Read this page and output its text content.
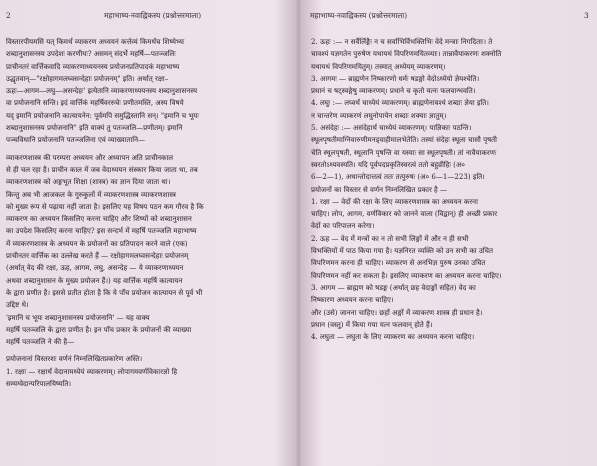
2	महाभाष्य-नवाह्निकस्य (प्रश्नोत्तरमाला)
विस्तारपीयमसि यत् किमर्थं व्याकरण अध्ययनं कर्त्तव्यं किमर्थंच शिष्येभ्यः
शब्दानुशासनस्य उपदेशः करणीयः? असमन् संदर्भे महर्षि—पतञ्जलिः
प्राचीनतरं वार्त्तिकवादि व्याकरणाध्ययनस्य प्रयोजनप्रतिपादकं महाभाष्य
उद्धृतवान्—"रक्षोहागमलघ्वसन्देहाः प्रयोजनम्" इति। अर्थात् रक्षा–
ऊहः—आगम—लघु—असन्देहः' इत्येतानि व्याकरणाध्ययनस्य शब्दानुशासनस्य
वा प्रयोजनानि सन्ति। इदं वार्त्तिकं महर्षिवररुचेः प्रणीतमस्ति, अस्य विषये
यद् इमानि प्रयोजनानि कात्यायनेन: पूर्वमपि समुद्धिस्तानि सन्। "इमानि च भूयः
शब्दानुशासनस्य प्रयोजनानि" इति वाक्यं तु पतञ्जलि—प्रणीतम्। इमानि
पञ्चविधानि प्रयोजनानि पतञ्जलिना एवं व्याख्यातानि—
व्याकरणशास्त्र की परम्परा अध्ययन और अध्यापन अति प्राचीनकाल
से ही चल रहा है। प्राचीन काल में जब वेदाध्ययन संस्कार किया जाता था, तब
व्याकरणशास्त्र को अङ्गभूत शिक्षा (शास्त्र) का ज्ञान दिया जाता था।
किन्तु अब भी आजकल के गुरुकुलों में व्याकरणशास्त्र व्याकरणशास्त्र
को मुख्य रूप से पढ़ाया नहीं जाता है। इसलिए यह विषय पठन कम गौरव है कि
व्याकरण का अध्ययन किसलिए करना चाहिए और शिष्यों को शब्दानुशासन
का उपदेश किसलिए करना चाहिए? इस सन्दर्भ में महर्षि पतञ्जलि महाभाष्य
में व्याकरणशास्त्र के अध्ययन के प्रयोजनों का प्रतिपादन करने वाले (एक)
प्राचीनतर वार्त्तिक का उल्लेख करते हैं — रक्षोहागमलघ्वसन्देहाः प्रयोजनम्
(अर्थात् वेद की रक्षा, ऊह, आगम, लघु, असन्देह — ये व्याकरणाध्ययन
अथवा शब्दानुशासन के मुख्य प्रयोजन हैं।) यह वार्त्तिक महर्षि कात्यायन
के द्वारा प्रणीत है। इससे प्रतीत होता है कि ये पाँच प्रयोजन कात्यायन से पूर्व भी
उद्दिष्ट थे।
'इमानि च भूयः शब्दानुशासनस्य प्रयोजनानि' — यह वाक्य
महर्षि पतञ्जलि के द्वारा प्रणीत है। इन पाँच प्रकार के प्रयोजनों की व्याख्या
महर्षि पतञ्जलि ने की है—
प्रयोजनानां विस्तरशः वर्णनं निम्नलिखितप्रकारेण अस्ति।
1. रक्षाः — रक्षार्थं वेदानामध्येयं व्याकरणम्। लोपागमवर्णविकारज्ञो हि
सम्यग्वेदान्परिपालयिष्यति।
महाभाष्य-नवाह्निकस्य (प्रश्नोत्तरमाला)	3
2. ऊहः :— न सर्वैर्लिङ्गैः न च सर्वाभिर्विभक्तिभिः वेदे मन्त्राः निगदिताः। ते
चावश्यं यज्ञगतेन पुरुषेण यथायथं विपरिणमयितव्याः। तान्नावैयाकरणः शक्नोति
यथायथं विपरिणमयितुम्। तस्मात् अध्येयम् व्याकरणम्।
3. आगमः — ब्राह्मणेन निष्कारणो धर्मः षडङ्गो वेदोऽध्येयो ज्ञेयश्चेति।
प्रधानं च षट्स्वङ्गेषु व्याकरणम्। प्रधाने च कृतो यत्नः फलवान्भवति।
4. लघुः :— लघ्वर्थं चाध्येयं व्याकरणम्। ब्राह्मणेनावश्यं शब्दाः ज्ञेया इति।
न चान्तरेण व्याकरणं लघुनोपायेन शब्दाः शक्याः ज्ञातुम्।
5. असंदेहः :— असंदेहार्थं चाध्येयं व्याकरणम्। याज्ञिकाः पठन्ति।
स्थूलपृषतीमाग्निवारुणीमनड्वाहीमालभेतेति। तस्यां संदेहः स्थूला चासौ पृषती
चेति स्थूलपृषती, स्थूलानि पृषन्ति वा यस्याः सा स्थूलपृषती। तां नावैयाकरणः
स्वरतोऽध्यवस्यति। यदि पूर्वपदप्रकृतिस्वरत्वं ततो बहुव्रीहिः (अ०
6—2—1), अथान्तोदात्तत्वं ततः तत्पुरुषः (अ० 6—1—223) इति।
प्रयोजनों का विस्तार से वर्णन निम्नलिखित प्रकार है —
1. रक्षा — वेदों की रक्षा के लिए व्याकरणशास्त्र का अध्ययन करना
चाहिए। लोप, आगम, वर्णविकार को जानने वाला (विद्वान्) ही अच्छी प्रकार
वेदों का परिपालन करेगा।
2. ऊह — वेद में मन्त्रों का न तो सभी लिङ्गों में और न ही सभी
विभक्तियों में पाठ किया गया है। यज्ञनिरत व्यक्ति को उन सभी का उचित
विपरिणमन करना ही चाहिए। व्याकरण से अनभिज्ञ पुरुष उनका उचित
विपरिणमन नहीं कर सकता है। इसलिए व्याकरण का अध्ययन करना चाहिए।
3. आगम — ब्राह्मण को षडङ्ग (अर्थात् छह वेदाङ्गों सहित) वेद का
निष्कारण अध्ययन करना चाहिए।
और (उसे) जानना चाहिए। छहों अङ्गों में व्याकरण शास्त्र ही प्रधान है।
प्रधान (वस्तु) में किया गया यत्न फलवान् होते हैं।
4. लघुता — लघुता के लिए व्याकरण का अध्ययन करना चाहिए।
